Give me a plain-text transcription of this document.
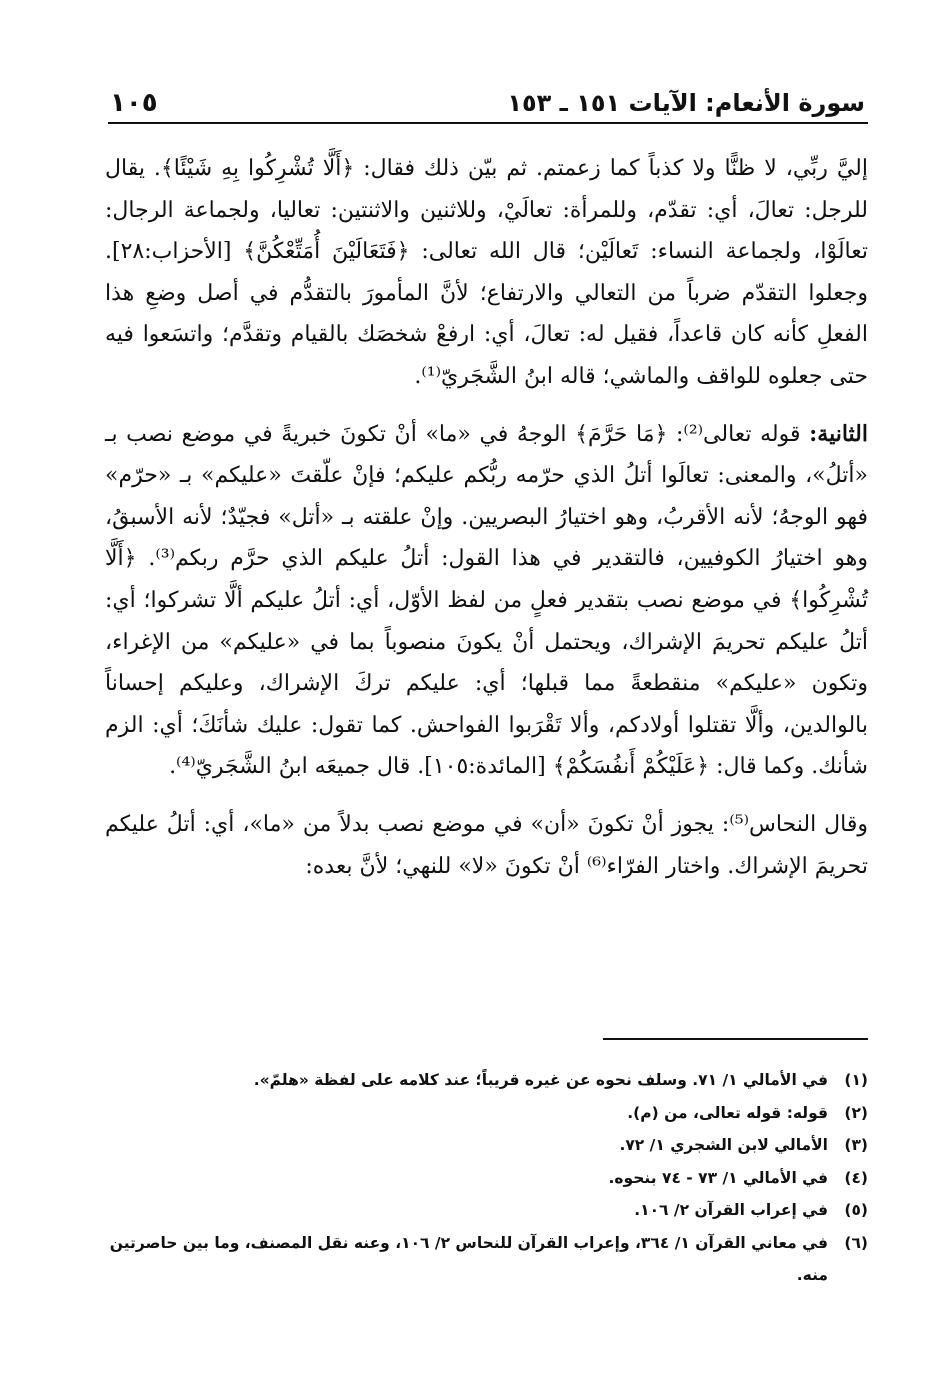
سورة الأنعام: الآيات ١٥١ ـ ١٥٣
١٠٥

إليَّ ربِّي، لا ظنًّا ولا كذباً كما زعمتم. ثم بيّن ذلك فقال: ﴿أَلَّا تُشْرِكُوا بِهِ شَيْئًا﴾. يقال للرجل: تعالَ، أي: تقدّم، وللمرأة: تعالَيْ، وللاثنين والاثنتين: تعاليا، ولجماعة الرجال: تعالَوْا، ولجماعة النساء: تَعالَيْن؛ قال الله تعالى: ﴿فَتَعَالَيْنَ أُمَتِّعْكُنَّ﴾ [الأحزاب:٢٨]. وجعلوا التقدّم ضرباً من التعالي والارتفاع؛ لأنَّ المأمورَ بالتقدُّم في أصل وضعِ هذا الفعلِ كأنه كان قاعداً، فقيل له: تعالَ، أي: ارفعْ شخصَك بالقيام وتقدَّم؛ واتسَعوا فيه حتى جعلوه للواقف والماشي؛ قاله ابنُ الشَّجَريّ⁽¹⁾.

الثانية: قوله تعالى⁽²⁾: ﴿مَا حَرَّمَ﴾ الوجهُ في «ما» أنْ تكونَ خبريةً في موضع نصب بـ «أتلُ»، والمعنى: تعالَوا أتلُ الذي حرّمه ربُّكم عليكم؛ فإنْ علّقتَ «عليكم» بـ «حرّم» فهو الوجهُ؛ لأنه الأقربُ، وهو اختيارُ البصريين. وإنْ علقته بـ «أتل» فجيّدٌ؛ لأنه الأسبقُ، وهو اختيارُ الكوفيين، فالتقدير في هذا القول: أتلُ عليكم الذي حرَّم ربكم⁽³⁾. ﴿أَلَّا تُشْرِكُوا﴾ في موضع نصب بتقدير فعلٍ من لفظ الأوّل، أي: أتلُ عليكم ألَّا تشركوا؛ أي: أتلُ عليكم تحريمَ الإشراك، ويحتمل أنْ يكونَ منصوباً بما في «عليكم» من الإغراء، وتكون «عليكم» منقطعةً مما قبلها؛ أي: عليكم تركَ الإشراك، وعليكم إحساناً بالوالدين، وألَّا تقتلوا أولادكم، وألا تَقْرَبوا الفواحش. كما تقول: عليك شأنَكَ؛ أي: الزم شأنك. وكما قال: ﴿عَلَيْكُمْ أَنفُسَكُمْ﴾ [المائدة:١٠٥]. قال جميعَه ابنُ الشَّجَريّ⁽⁴⁾.

وقال النحاس⁽⁵⁾: يجوز أنْ تكونَ «أن» في موضع نصب بدلاً من «ما»، أي: أتلُ عليكم تحريمَ الإشراك. واختار الفرّاء⁽⁶⁾ أنْ تكونَ «لا» للنهي؛ لأنَّ بعده:

(١)
في الأمالي ١/ ٧١. وسلف نحوه عن غيره قريباً؛ عند كلامه على لفظة «هلمّ».
(٢)
قوله: قوله تعالى، من (م).
(٣)
الأمالي لابن الشجري ١/ ٧٢.
(٤)
في الأمالي ١/ ٧٣ - ٧٤ بنحوه.
(٥)
في إعراب القرآن ٢/ ١٠٦.
(٦)
في معاني القرآن ١/ ٣٦٤، وإعراب القرآن للنحاس ٢/ ١٠٦، وعنه نقل المصنف، وما بين حاصرتين منه.
